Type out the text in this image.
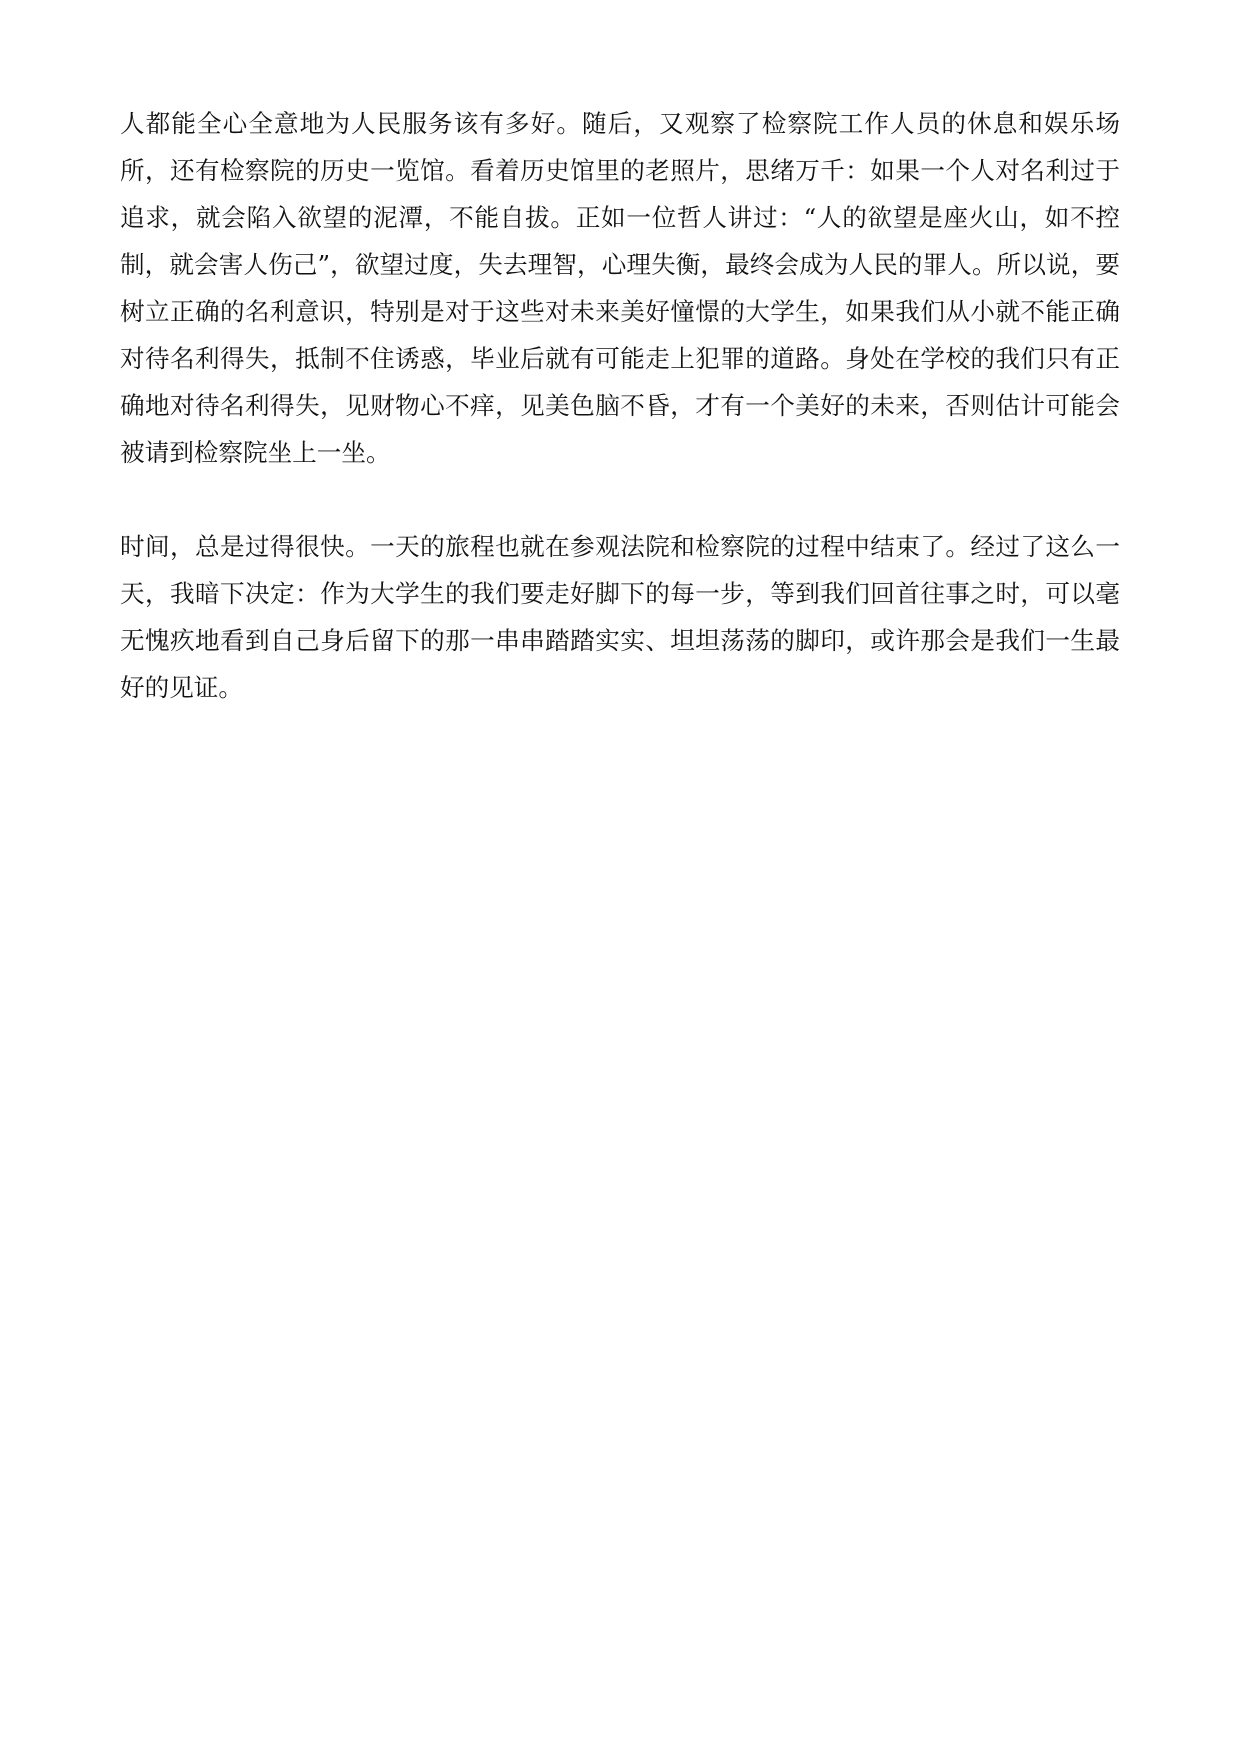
人都能全心全意地为人民服务该有多好。随后，又观察了检察院工作人员的休息和娱乐场所，还有检察院的历史一览馆。看着历史馆里的老照片，思绪万千：如果一个人对名利过于追求，就会陷入欲望的泥潭，不能自拔。正如一位哲人讲过：“人的欲望是座火山，如不控制，就会害人伤己”，欲望过度，失去理智，心理失衡，最终会成为人民的罪人。所以说，要树立正确的名利意识，特别是对于这些对未来美好憧憬的大学生，如果我们从小就不能正确对待名利得失，抵制不住诱惑，毕业后就有可能走上犯罪的道路。身处在学校的我们只有正确地对待名利得失，见财物心不痒，见美色脑不昏，才有一个美好的未来，否则估计可能会被请到检察院坐上一坐。

时间，总是过得很快。一天的旅程也就在参观法院和检察院的过程中结束了。经过了这么一天，我暗下决定：作为大学生的我们要走好脚下的每一步，等到我们回首往事之时，可以毫无愧疚地看到自己身后留下的那一串串踏踏实实、坦坦荡荡的脚印，或许那会是我们一生最好的见证。
